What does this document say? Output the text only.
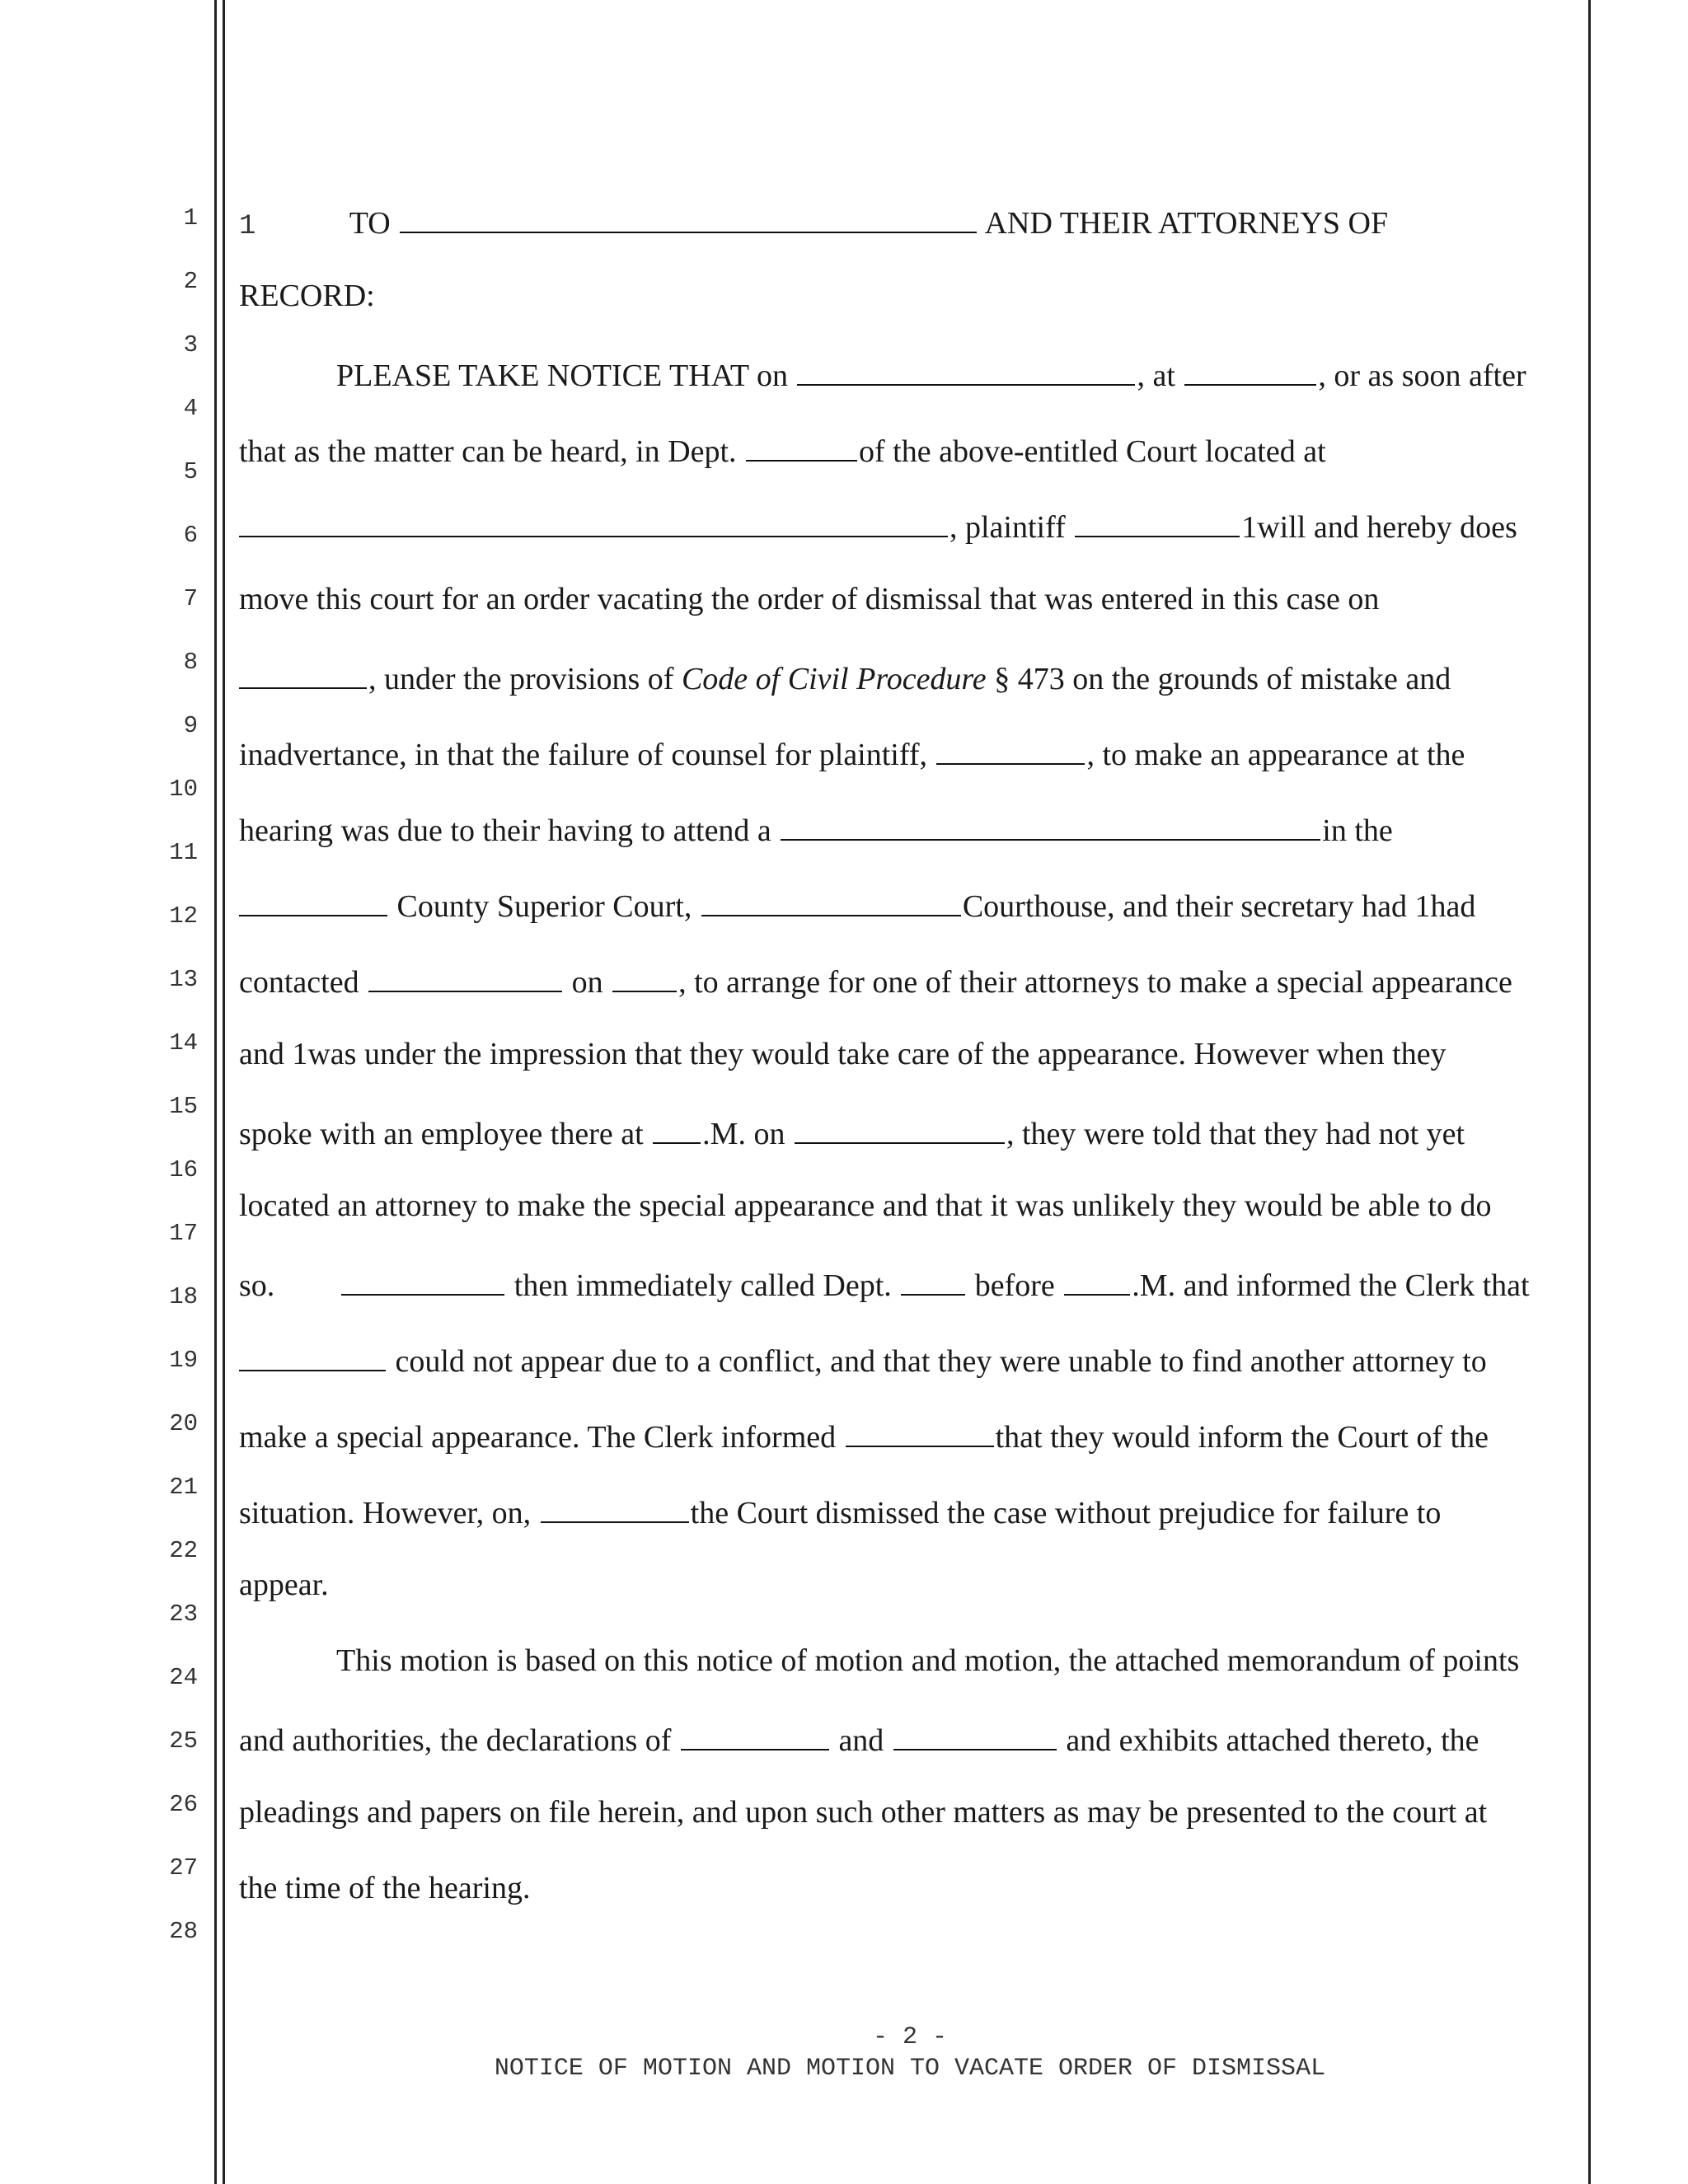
1
2
3
4
5
6
7
8
9
10
11
12
13
14
15
16
17
18
19
20
21
22
23
24
25
26
27
28
1	TO	AND THEIR ATTORNEYS OF
RECORD:
PLEASE TAKE NOTICE THAT on	, at	, or as soon after
that as the matter can be heard, in Dept.	of the above-entitled Court located at
, plaintiff	1will and hereby does
move this court for an order vacating the order of dismissal that was entered in this case on
, under the provisions of Code of Civil Procedure § 473 on the grounds of mistake and
inadvertance, in that the failure of counsel for plaintiff,	, to make an appearance at the
hearing was due to their having to attend a	in the
County Superior Court,	Courthouse, and their secretary had 1had
contacted	on , to arrange for one of their attorneys to make a special appearance
and 1was under the impression that they would take care of the appearance. However when they
spoke with an employee there at .M. on	, they were told that they had not yet
located an attorney to make the special appearance and that it was unlikely they would be able to do
so.	then immediately called Dept.	before .M. and informed the Clerk that
could not appear due to a conflict, and that they were unable to find another attorney to
make a special appearance. The Clerk informed	that they would inform the Court of the
situation. However, on,	the Court dismissed the case without prejudice for failure to
appear.
This motion is based on this notice of motion and motion, the attached memorandum of points
and authorities, the declarations of	and	and exhibits attached thereto, the
pleadings and papers on file herein, and upon such other matters as may be presented to the court at
the time of the hearing.
- 2 -
NOTICE OF MOTION AND MOTION TO VACATE ORDER OF DISMISSAL
